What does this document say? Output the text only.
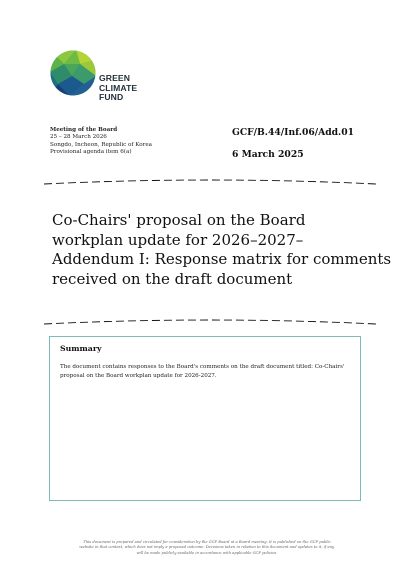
GREEN
CLIMATE
FUND
Meeting of the Board
25 – 28 March 2026
Songdo, Incheon, Republic of Korea
Provisional agenda item 6(a)
GCF/B.44/Inf.06/Add.01
6 March 2025
Co-Chairs' proposal on the Board
workplan update for 2026–2027–
Addendum I: Response matrix for comments
received on the draft document
Summary
The document contains responses to the Board's comments on the draft document titled: Co-Chairs' proposal on the Board workplan update for 2026-2027.
This document is prepared and circulated for consideration by the GCF Board at a Board meeting. It is published on the GCF public
website in that context, which does not imply a proposed outcome. Decisions taken in relation to this document and updates to it, if any,
will be made publicly available in accordance with applicable GCF policies.
